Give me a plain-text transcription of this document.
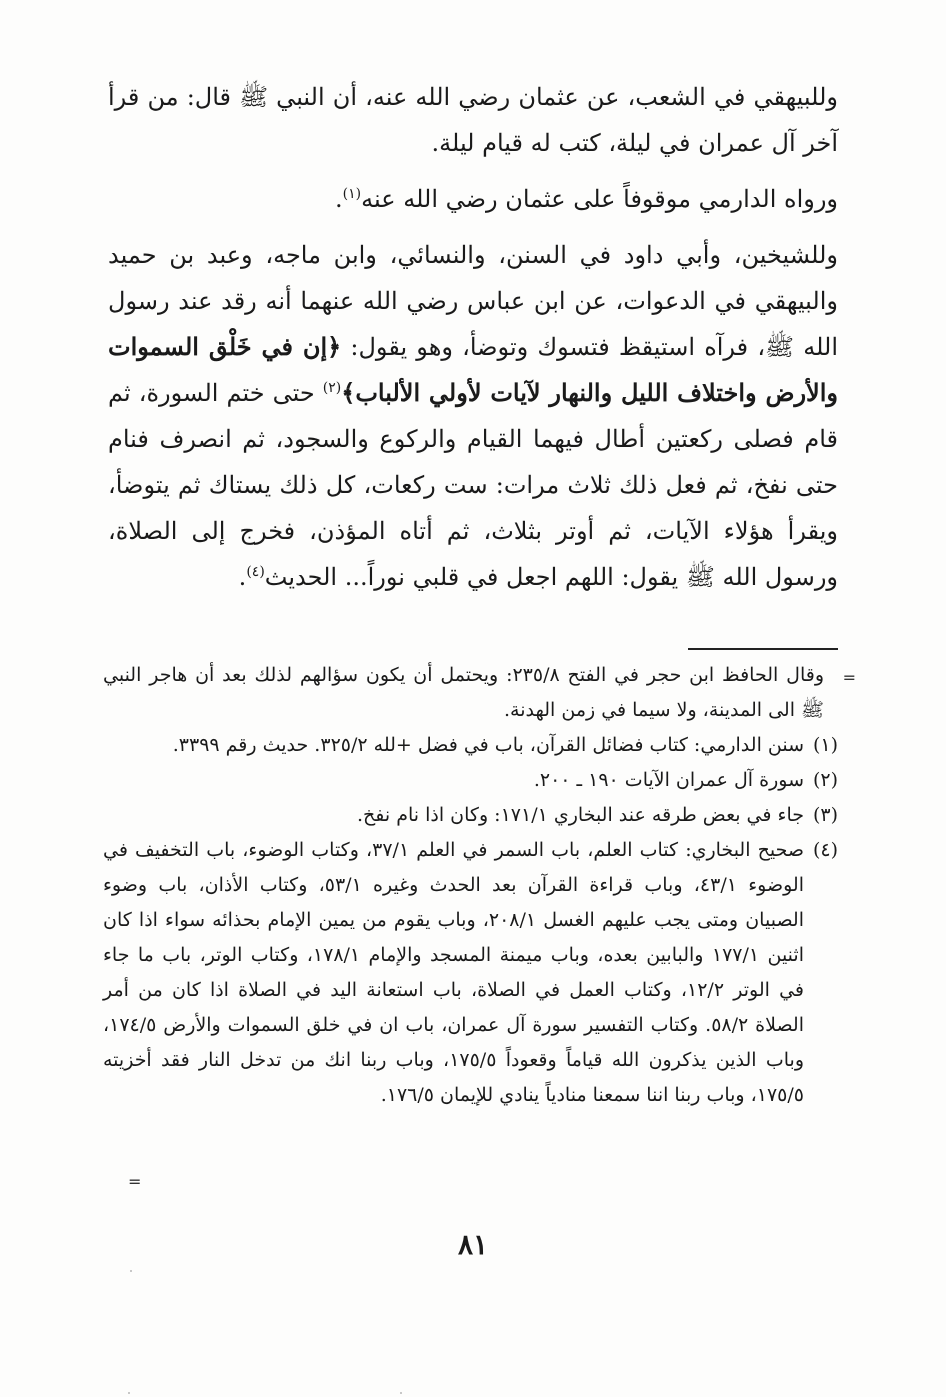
وللبيهقي في الشعب، عن عثمان رضي الله عنه، أن النبي ﷺ قال: من قرأ آخر آل عمران في ليلة، كتب له قيام ليلة.

ورواه الدارمي موقوفاً على عثمان رضي الله عنه$^{(١)}$.

وللشيخين، وأبي داود في السنن، والنسائي، وابن ماجه، وعبد بن حميد والبيهقي في الدعوات، عن ابن عباس رضي الله عنهما أنه رقد عند رسول الله ﷺ، فرآه استيقظ فتسوك وتوضأ، وهو يقول: ﴿إن في خَلْق السموات والأرض واختلاف الليل والنهار لآيات لأولي الألباب﴾$^{(٢)}$ حتى ختم السورة، ثم قام فصلى ركعتين أطال فيهما القيام والركوع والسجود، ثم انصرف فنام حتى نفخ، ثم فعل ذلك ثلاث مرات: ست ركعات، كل ذلك يستاك ثم يتوضأ، ويقرأ هؤلاء الآيات، ثم أوتر بثلاث، ثم أتاه المؤذن، فخرج إلى الصلاة، ورسول الله ﷺ يقول: اللهم اجعل في قلبي نوراً... الحديث$^{(٤)}$.

=
وقال الحافظ ابن حجر في الفتح ٢٣٥/٨: ويحتمل أن يكون سؤالهم لذلك بعد أن هاجر النبي ﷺ الى المدينة، ولا سيما في زمن الهدنة.
(١)
سنن الدارمي: كتاب فضائل القرآن، باب في فضل +لله ٣٢٥/٢. حديث رقم ٣٣٩٩.
(٢)
سورة آل عمران الآيات ١٩٠ ـ ٢٠٠.
(٣)
جاء في بعض طرقه عند البخاري ١٧١/١: وكان اذا نام نفخ.
(٤)
صحيح البخاري: كتاب العلم، باب السمر في العلم ٣٧/١، وكتاب الوضوء، باب التخفيف في الوضوء ٤٣/١، وباب قراءة القرآن بعد الحدث وغيره ٥٣/١، وكتاب الأذان، باب وضوء الصبيان ومتى يجب عليهم الغسل ٢٠٨/١، وباب يقوم من يمين الإمام بحذائه سواء اذا كان اثنين ١٧٧/١ والبابين بعده، وباب ميمنة المسجد والإمام ١٧٨/١، وكتاب الوتر، باب ما جاء في الوتر ١٢/٢، وكتاب العمل في الصلاة، باب استعانة اليد في الصلاة اذا كان من أمر الصلاة ٥٨/٢. وكتاب التفسير سورة آل عمران، باب ان في خلق السموات والأرض ١٧٤/٥، وباب الذين يذكرون الله قياماً وقعوداً ١٧٥/٥، وباب ربنا انك من تدخل النار فقد أخزيته ١٧٥/٥، وباب ربنا اننا سمعنا منادياً ينادي للإيمان ١٧٦/٥.
=
٨١
